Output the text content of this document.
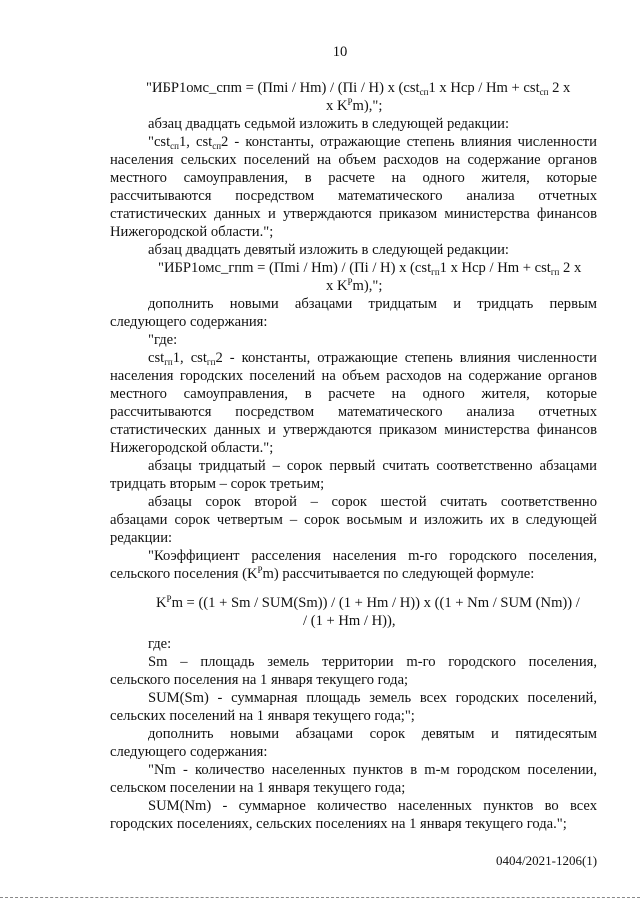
10
"ИБР1омс_спm = (Пmi / Hm) / (Пi / H) x (cst$_{сп}$1 x Нср / Hm + cst$_{сп}$ 2 x
x $K^Pm$),";
абзац двадцать седьмой изложить в следующей редакции:
"cst$_{сп}$1, cst$_{сп}$2 - константы, отражающие степень влияния численности
населения сельских поселений на объем расходов на содержание органов
местного самоуправления, в расчете на одного жителя, которые
рассчитываются посредством математического анализа отчетных
статистических данных и утверждаются приказом министерства финансов
Нижегородской области.";
абзац двадцать девятый изложить в следующей редакции:
"ИБР1омс_гпm = (Пmi / Hm) / (Пi / H) x (cst$_{гп}$1 x Нср / Hm + cst$_{гп}$ 2 x
x $K^Pm$),";
дополнить новыми абзацами тридцатым и тридцать первым
следующего содержания:
"где:
cst$_{гп}$1, cst$_{гп}$2 - константы, отражающие степень влияния численности
населения городских поселений на объем расходов на содержание органов
местного самоуправления, в расчете на одного жителя, которые
рассчитываются посредством математического анализа отчетных
статистических данных и утверждаются приказом министерства финансов
Нижегородской области.";
абзацы тридцатый – сорок первый считать соответственно абзацами
тридцать вторым – сорок третьим;
абзацы сорок второй – сорок шестой считать соответственно
абзацами сорок четвертым – сорок восьмым и изложить их в следующей
редакции:
"Коэффициент расселения населения m-го городского поселения,
сельского поселения $(K^Pm)$ рассчитывается по следующей формуле:
$K^Pm = ((1 + Sm / SUM(Sm)) / (1 + Hm / H))$ x ((1 + Nm / SUM (Nm)) /
/ (1 + Hm / H)),
где:
Sm – площадь земель территории m-го городского поселения,
сельского поселения на 1 января текущего года;
SUM(Sm) - суммарная площадь земель всех городских поселений,
сельских поселений на 1 января текущего года;";
дополнить новыми абзацами сорок девятым и пятидесятым
следующего содержания:
"Nm - количество населенных пунктов в m-м городском поселении,
сельском поселении на 1 января текущего года;
SUM(Nm) - суммарное количество населенных пунктов во всех
городских поселениях, сельских поселениях на 1 января текущего года.";
0404/2021-1206(1)
